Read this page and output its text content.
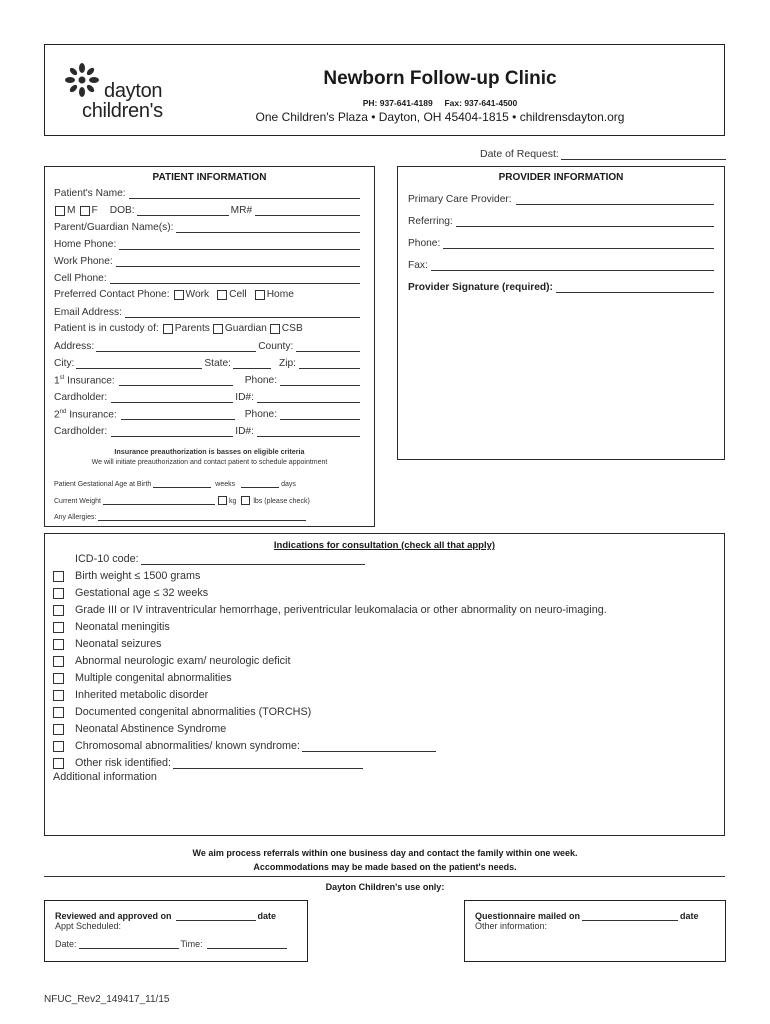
dayton
children's
Newborn Follow-up Clinic
PH: 937-641-4189     Fax: 937-641-4500
One Children's Plaza • Dayton, OH 45404-1815 • childrensdayton.org
Date of Request:
PATIENT INFORMATION
Patient's Name:
M F DOB:	MR#
Parent/Guardian Name(s):
Home Phone:
Work Phone:
Cell Phone:
Preferred Contact Phone: Work Cell Home
Email Address:
Patient is in custody of: Parents Guardian CSB
Address:	County:
City:	State:	Zip:
1st Insurance:	Phone:
Cardholder:	ID#:
2nd Insurance:	Phone:
Cardholder:	ID#:
Insurance preauthorization is basses on eligible criteria
We will initiate preauthorization and contact patient to schedule appointment
Patient Gestational Age at Birth	weeks	days
Current Weight	kg lbs (please check)
Any Allergies:
PROVIDER INFORMATION
Primary Care Provider:
Referring:
Phone:
Fax:
Provider Signature (required):
Indications for consultation (check all that apply)
ICD-10 code:
Birth weight ≤ 1500 grams
Gestational age ≤ 32 weeks
Grade III or IV intraventricular hemorrhage, periventricular leukomalacia or other abnormality on neuro-imaging.
Neonatal meningitis
Neonatal seizures
Abnormal neurologic exam/ neurologic deficit
Multiple congenital abnormalities
Inherited metabolic disorder
Documented congenital abnormalities (TORCHS)
Neonatal Abstinence Syndrome
Chromosomal abnormalities/ known syndrome:
Other risk identified:
Additional information
We aim process referrals within one business day and contact the family within one week.
Accommodations may be made based on the patient's needs.
Dayton Children's use only:
Reviewed and approved on	date
Appt Scheduled:
Date:	Time:
Questionnaire mailed on	date
Other information:
NFUC_Rev2_149417_11/15
